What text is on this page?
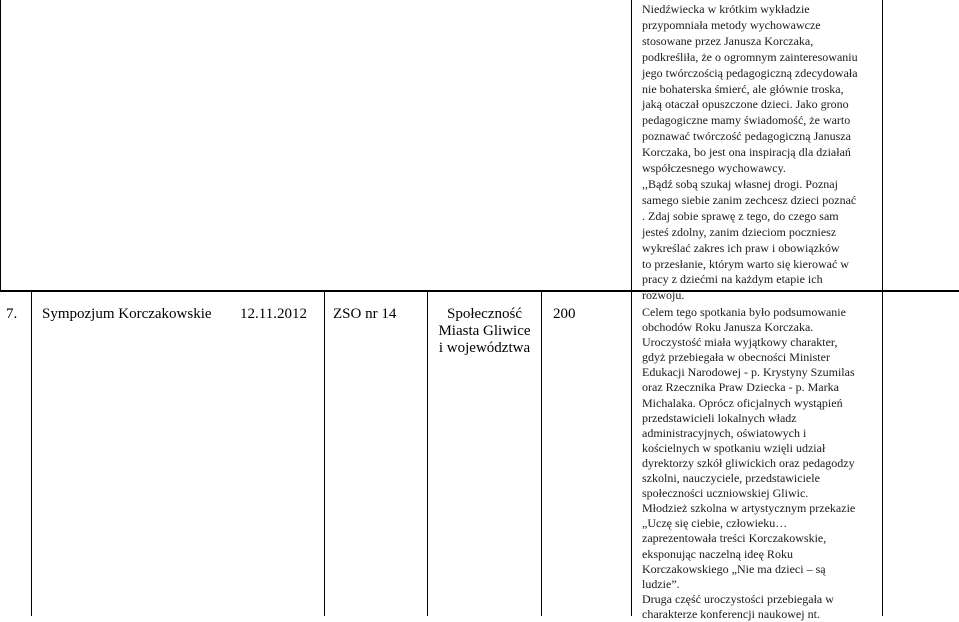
Niedźwiecka w krótkim wykładzie
przypomniała metody wychowawcze
stosowane przez Janusza Korczaka,
podkreśliła, że o ogromnym zainteresowaniu
jego twórczością pedagogiczną zdecydowała
nie bohaterska śmierć, ale głównie troska,
jaką otaczał opuszczone dzieci. Jako grono
pedagogiczne mamy świadomość, że warto
poznawać twórczość pedagogiczną Janusza
Korczaka, bo jest ona inspiracją dla działań
współczesnego wychowawcy.
,,Bądź sobą szukaj własnej drogi. Poznaj
samego siebie zanim zechcesz dzieci poznać
. Zdaj sobie sprawę z tego, do czego sam
jesteś zdolny, zanim dzieciom poczniesz
wykreślać zakres ich praw i obowiązków
to przesłanie, którym warto się kierować w
pracy z dziećmi na każdym etapie ich
rozwoju.
7. Sympozjum Korczakowskie 12.11.2012 ZSO nr 14	Społeczność
Miasta Gliwice
i województwa
200	Celem tego spotkania było podsumowanie
obchodów Roku Janusza Korczaka.
Uroczystość miała wyjątkowy charakter,
gdyż przebiegała w obecności Minister
Edukacji Narodowej - p. Krystyny Szumilas
oraz Rzecznika Praw Dziecka - p. Marka
Michalaka. Oprócz oficjalnych wystąpień
przedstawicieli lokalnych władz
administracyjnych, oświatowych i
kościelnych w spotkaniu wzięli udział
dyrektorzy szkół gliwickich oraz pedagodzy
szkolni, nauczyciele, przedstawiciele
społeczności uczniowskiej Gliwic.
Młodzież szkolna w artystycznym przekazie
„Uczę się ciebie, człowieku…
zaprezentowała treści Korczakowskie,
eksponując naczelną ideę Roku
Korczakowskiego „Nie ma dzieci – są
ludzie”.
Druga część uroczystości przebiegała w
charakterze konferencji naukowej nt.
